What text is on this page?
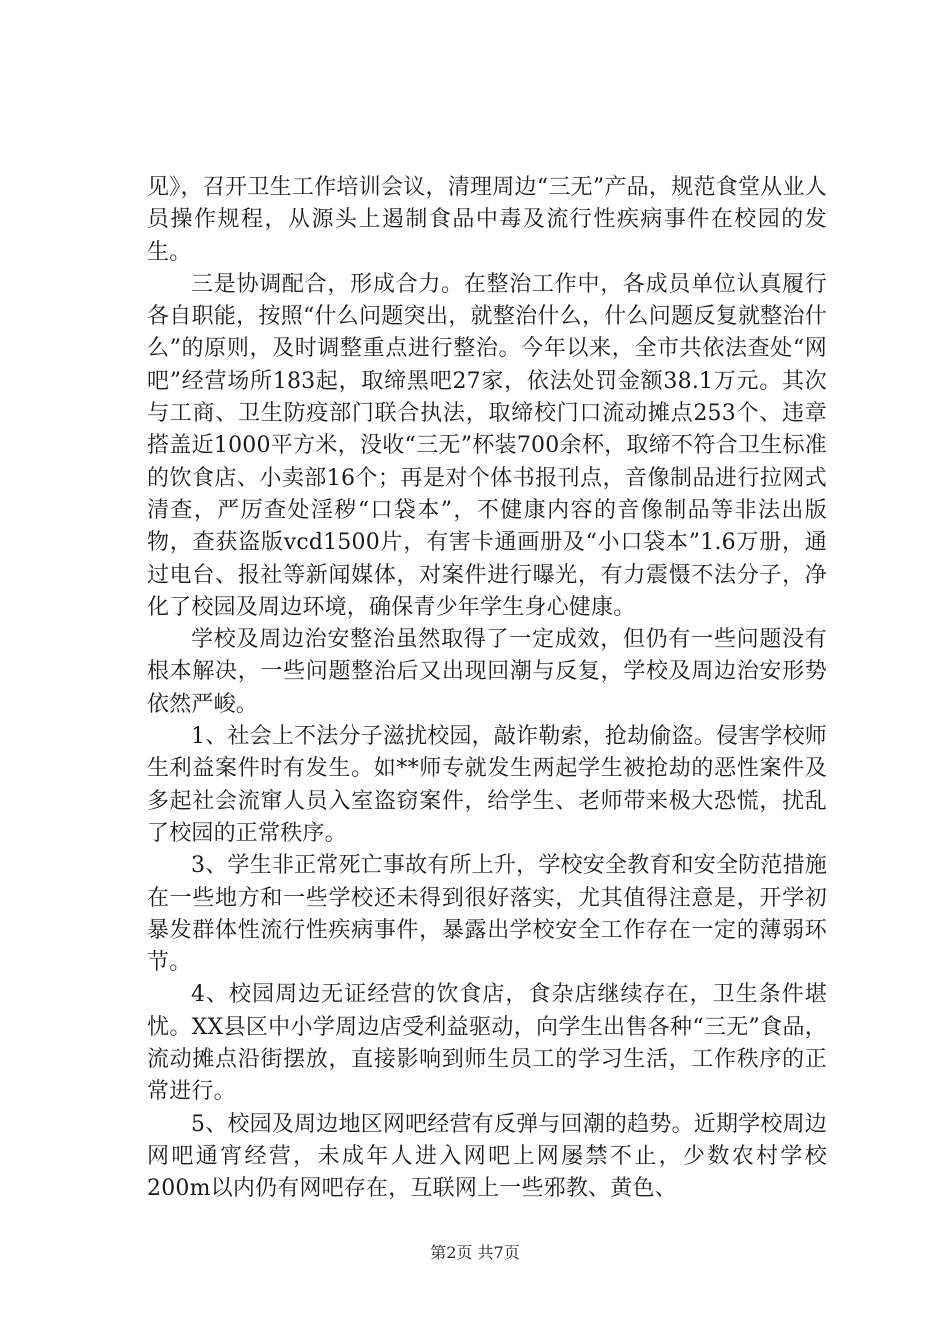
见》，召开卫生工作培训会议，清理周边“三无”产品，规范食堂从业人员操作规程，从源头上遏制食品中毒及流行性疾病事件在校园的发生。

三是协调配合，形成合力。在整治工作中，各成员单位认真履行各自职能，按照“什么问题突出，就整治什么，什么问题反复就整治什么”的原则，及时调整重点进行整治。今年以来，全市共依法查处“网吧”经营场所183起，取缔黑吧27家，依法处罚金额38.1万元。其次与工商、卫生防疫部门联合执法，取缔校门口流动摊点253个、违章搭盖近1000平方米，没收“三无”杯装700余杯，取缔不符合卫生标准的饮食店、小卖部16个；再是对个体书报刊点，音像制品进行拉网式清查，严厉查处淫秽“口袋本”，不健康内容的音像制品等非法出版物，查获盗版vcd1500片，有害卡通画册及“小口袋本”1.6万册，通过电台、报社等新闻媒体，对案件进行曝光，有力震慑不法分子，净化了校园及周边环境，确保青少年学生身心健康。

学校及周边治安整治虽然取得了一定成效，但仍有一些问题没有根本解决，一些问题整治后又出现回潮与反复，学校及周边治安形势依然严峻。

1、社会上不法分子滋扰校园，敲诈勒索，抢劫偷盗。侵害学校师生利益案件时有发生。如**师专就发生两起学生被抢劫的恶性案件及多起社会流窜人员入室盗窃案件，给学生、老师带来极大恐慌，扰乱了校园的正常秩序。

3、学生非正常死亡事故有所上升，学校安全教育和安全防范措施在一些地方和一些学校还未得到很好落实，尤其值得注意是，开学初暴发群体性流行性疾病事件，暴露出学校安全工作存在一定的薄弱环节。

4、校园周边无证经营的饮食店，食杂店继续存在，卫生条件堪忧。XX县区中小学周边店受利益驱动，向学生出售各种“三无”食品，流动摊点沿街摆放，直接影响到师生员工的学习生活，工作秩序的正常进行。

5、校园及周边地区网吧经营有反弹与回潮的趋势。近期学校周边网吧通宵经营，未成年人进入网吧上网屡禁不止，少数农村学校200m以内仍有网吧存在，互联网上一些邪教、黄色、

第2页 共7页
